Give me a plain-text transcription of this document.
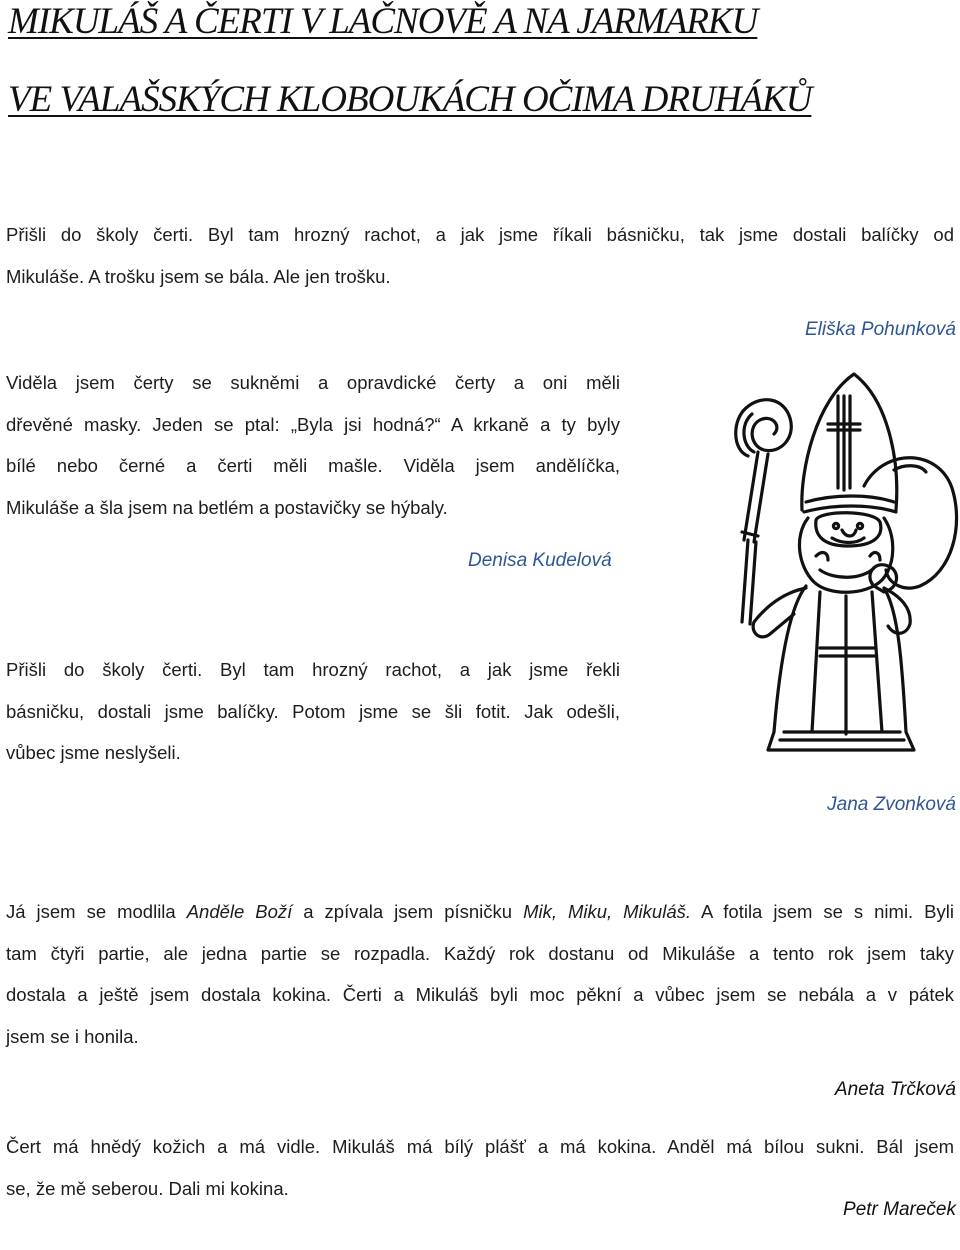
MIKULÁŠ A ČERTI V LAČNOVĚ A NA JARMARKU
VE VALAŠSKÝCH KLOBOUKÁCH OČIMA DRUHÁKŮ
Přišli do školy čerti. Byl tam hrozný rachot, a jak jsme říkali básničku, tak jsme dostali balíčky od
Mikuláše. A trošku jsem se bála. Ale jen trošku.

Eliška Pohunková

Viděla jsem čerty se sukněmi a opravdické čerty a oni měli
dřevěné masky. Jeden se ptal: „Byla jsi hodná?“ A krkaně a ty byly
bílé nebo černé a čerti měli mašle. Viděla jsem andělíčka,
Mikuláše a šla jsem na betlém a postavičky se hýbaly.

Denisa Kudelová

Přišli do školy čerti. Byl tam hrozný rachot, a jak jsme řekli
básničku, dostali jsme balíčky. Potom jsme se šli fotit. Jak odešli,
vůbec jsme neslyšeli.

Jana Zvonková

Já jsem se modlila Anděle Boží a zpívala jsem písničku Mik, Miku, Mikuláš. A fotila jsem se s nimi. Byli
tam čtyři partie, ale jedna partie se rozpadla. Každý rok dostanu od Mikuláše a tento rok jsem taky
dostala a ještě jsem dostala kokina. Čerti a Mikuláš byli moc pěkní a vůbec jsem se nebála a v pátek
jsem se i honila.

Aneta Trčková

Čert má hnědý kožich a má vidle. Mikuláš má bílý plášť a má kokina. Anděl má bílou sukni. Bál jsem
se, že mě seberou. Dali mi kokina.

Petr Mareček
